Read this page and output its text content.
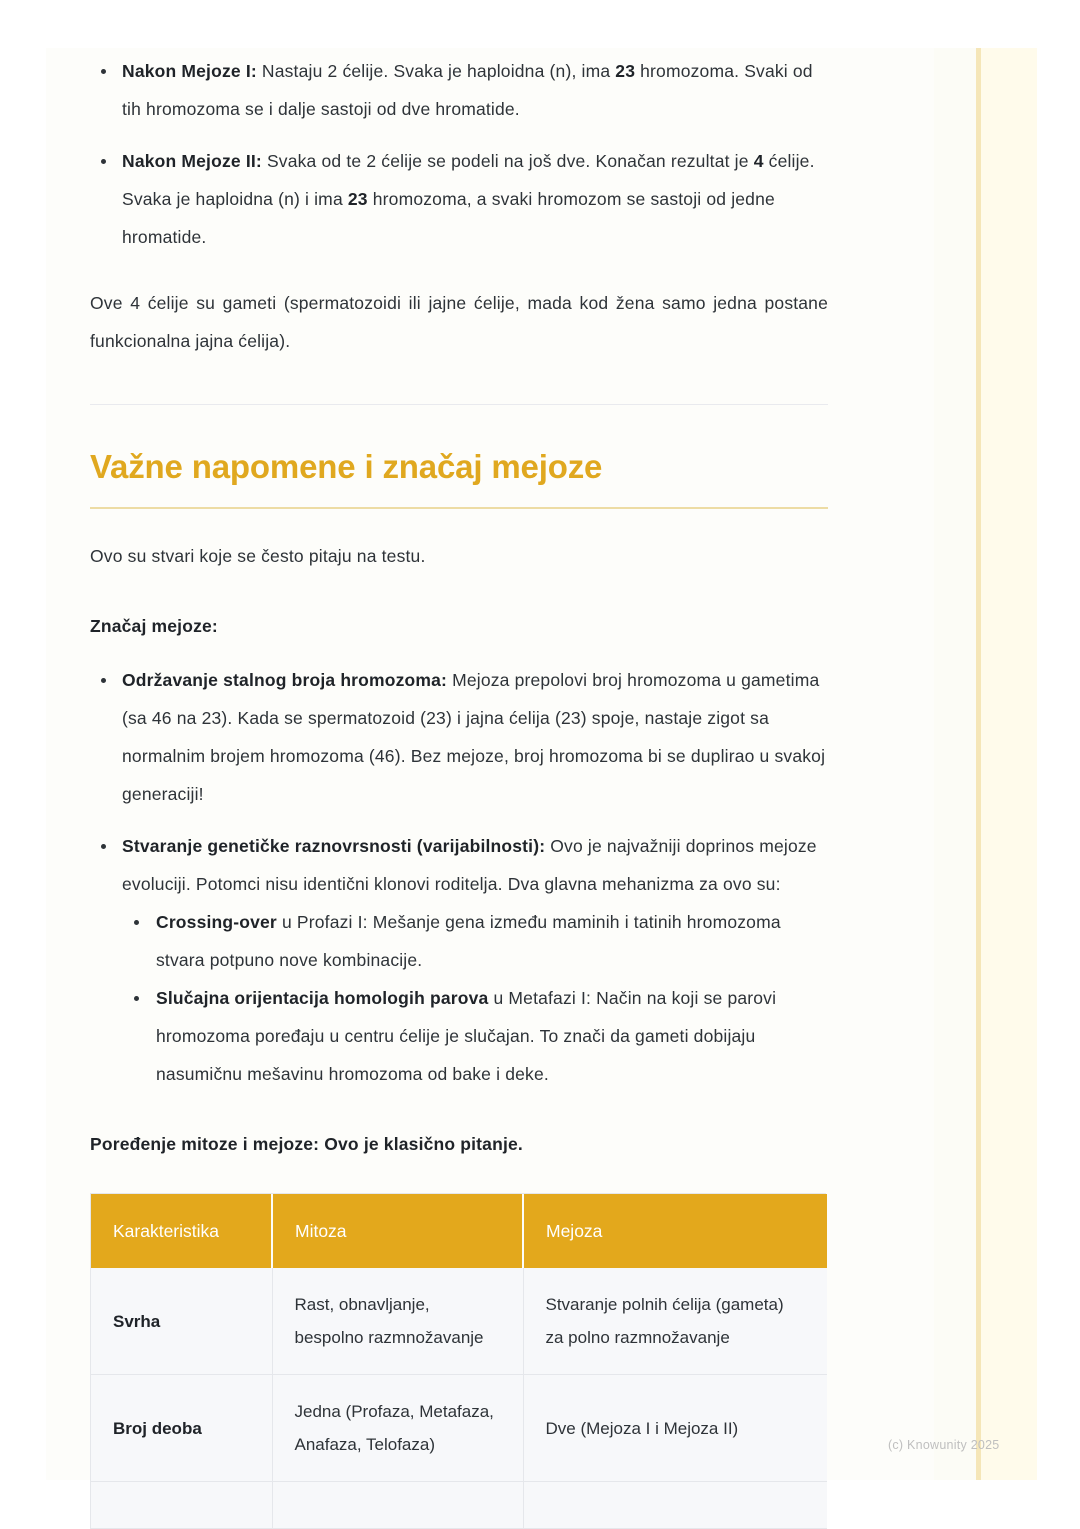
Nakon Mejoze I: Nastaju 2 ćelije. Svaka je haploidna (n), ima 23 hromozoma. Svaki od tih hromozoma se i dalje sastoji od dve hromatide.
Nakon Mejoze II: Svaka od te 2 ćelije se podeli na još dve. Konačan rezultat je 4 ćelije. Svaka je haploidna (n) i ima 23 hromozoma, a svaki hromozom se sastoji od jedne hromatide.

Ove 4 ćelije su gameti (spermatozoidi ili jajne ćelije, mada kod žena samo jedna postane funkcionalna jajna ćelija).

Važne napomene i značaj mejoze

Ovo su stvari koje se često pitaju na testu.

Značaj mejoze:

Održavanje stalnog broja hromozoma: Mejoza prepolovi broj hromozoma u gametima (sa 46 na 23). Kada se spermatozoid (23) i jajna ćelija (23) spoje, nastaje zigot sa normalnim brojem hromozoma (46). Bez mejoze, broj hromozoma bi se duplirao u svakoj generaciji!
Stvaranje genetičke raznovrsnosti (varijabilnosti): Ovo je najvažniji doprinos mejoze evoluciji. Potomci nisu identični klonovi roditelja. Dva glavna mehanizma za ovo su:
Crossing-over u Profazi I: Mešanje gena između maminih i tatinih hromozoma stvara potpuno nove kombinacije.
Slučajna orijentacija homologih parova u Metafazi I: Način na koji se parovi hromozoma poređaju u centru ćelije je slučajan. To znači da gameti dobijaju nasumičnu mešavinu hromozoma od bake i deke.

Poređenje mitoze i mejoze: Ovo je klasično pitanje.

Karakteristika	Mitoza	Mejoza
Svrha	Rast, obnavljanje, bespolno razmnožavanje	Stvaranje polnih ćelija (gameta) za polno razmnožavanje
Broj deoba	Jedna (Profaza, Metafaza, Anafaza, Telofaza)	Dve (Mejoza I i Mejoza II)

(c) Knowunity 2025
